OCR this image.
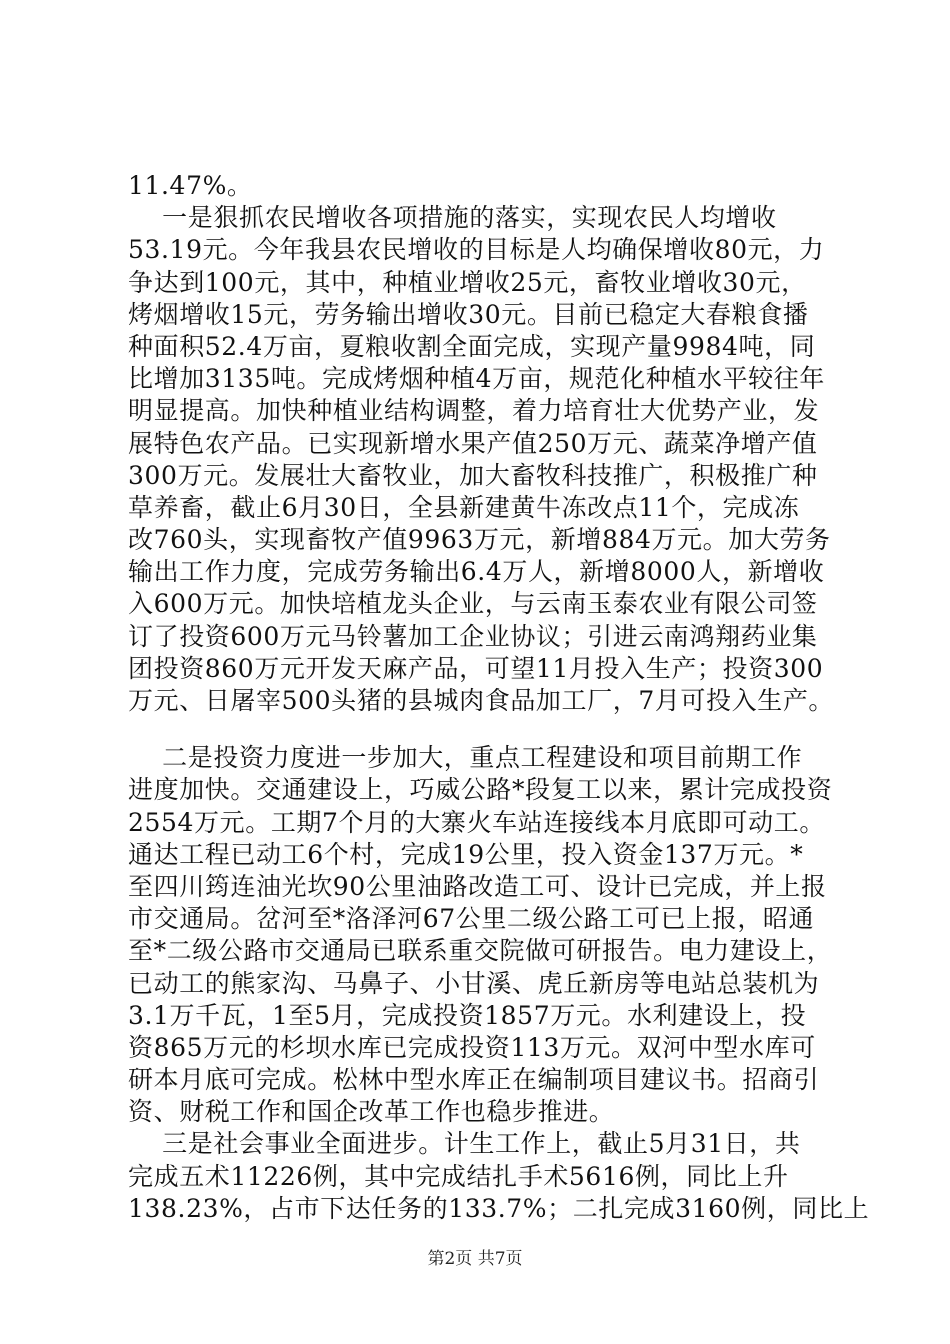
11.47%。
一是狠抓农民增收各项措施的落实，实现农民人均增收
53.19元。今年我县农民增收的目标是人均确保增收80元，力
争达到100元，其中，种植业增收25元，畜牧业增收30元，
烤烟增收15元，劳务输出增收30元。目前已稳定大春粮食播
种面积52.4万亩，夏粮收割全面完成，实现产量9984吨，同
比增加3135吨。完成烤烟种植4万亩，规范化种植水平较往年
明显提高。加快种植业结构调整，着力培育壮大优势产业，发
展特色农产品。已实现新增水果产值250万元、蔬菜净增产值
300万元。发展壮大畜牧业，加大畜牧科技推广，积极推广种
草养畜，截止6月30日，全县新建黄牛冻改点11个，完成冻
改760头，实现畜牧产值9963万元，新增884万元。加大劳务
输出工作力度，完成劳务输出6.4万人，新增8000人，新增收
入600万元。加快培植龙头企业，与云南玉泰农业有限公司签
订了投资600万元马铃薯加工企业协议；引进云南鸿翔药业集
团投资860万元开发天麻产品，可望11月投入生产；投资300
万元、日屠宰500头猪的县城肉食品加工厂，7月可投入生产。
二是投资力度进一步加大，重点工程建设和项目前期工作
进度加快。交通建设上，巧威公路*段复工以来，累计完成投资
2554万元。工期7个月的大寨火车站连接线本月底即可动工。
通达工程已动工6个村，完成19公里，投入资金137万元。*
至四川筠连油光坎90公里油路改造工可、设计已完成，并上报
市交通局。岔河至*洛泽河67公里二级公路工可已上报，昭通
至*二级公路市交通局已联系重交院做可研报告。电力建设上，
已动工的熊家沟、马鼻子、小甘溪、虎丘新房等电站总装机为
3.1万千瓦，1至5月，完成投资1857万元。水利建设上，投
资865万元的杉坝水库已完成投资113万元。双河中型水库可
研本月底可完成。松林中型水库正在编制项目建议书。招商引
资、财税工作和国企改革工作也稳步推进。
三是社会事业全面进步。计生工作上，截止5月31日，共
完成五术11226例，其中完成结扎手术5616例，同比上升
138.23%，占市下达任务的133.7%；二扎完成3160例，同比上
第2页 共7页
